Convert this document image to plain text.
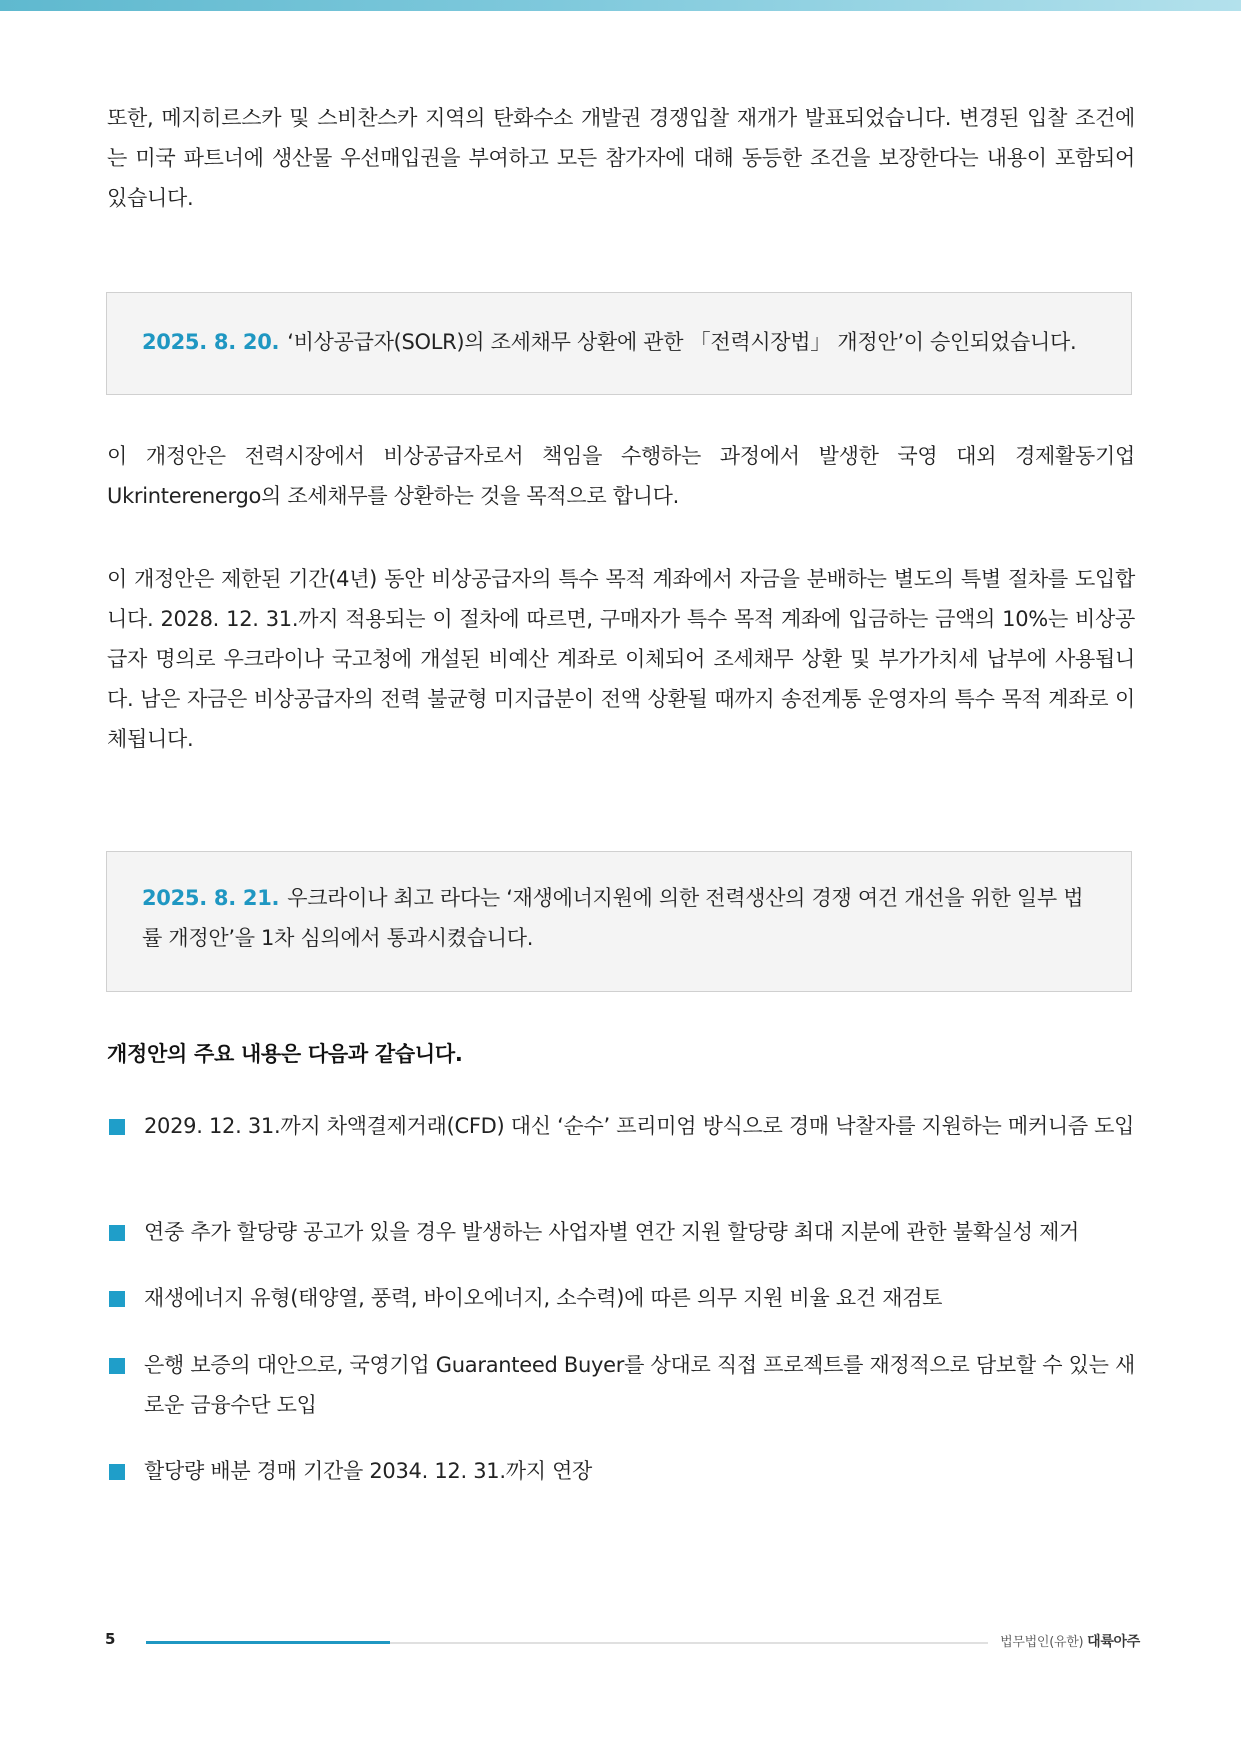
또한, 메지히르스카 및 스비찬스카 지역의 탄화수소 개발권 경쟁입찰 재개가 발표되었습니다. 변경된 입찰 조건에는 미국 파트너에 생산물 우선매입권을 부여하고 모든 참가자에 대해 동등한 조건을 보장한다는 내용이 포함되어 있습니다.

2025. 8. 20. ‘비상공급자(SOLR)의 조세채무 상환에 관한 「전력시장법」 개정안’이 승인되었습니다.

이 개정안은 전력시장에서 비상공급자로서 책임을 수행하는 과정에서 발생한 국영 대외 경제활동기업 Ukrinterenergo의 조세채무를 상환하는 것을 목적으로 합니다.

이 개정안은 제한된 기간(4년) 동안 비상공급자의 특수 목적 계좌에서 자금을 분배하는 별도의 특별 절차를 도입합니다. 2028. 12. 31.까지 적용되는 이 절차에 따르면, 구매자가 특수 목적 계좌에 입금하는 금액의 10%는 비상공급자 명의로 우크라이나 국고청에 개설된 비예산 계좌로 이체되어 조세채무 상환 및 부가가치세 납부에 사용됩니다. 남은 자금은 비상공급자의 전력 불균형 미지급분이 전액 상환될 때까지 송전계통 운영자의 특수 목적 계좌로 이체됩니다.

2025. 8. 21. 우크라이나 최고 라다는 ‘재생에너지원에 의한 전력생산의 경쟁 여건 개선을 위한 일부 법률 개정안’을 1차 심의에서 통과시켰습니다.

개정안의 주요 내용은 다음과 같습니다.

2029. 12. 31.까지 차액결제거래(CFD) 대신 ‘순수’ 프리미엄 방식으로 경매 낙찰자를 지원하는 메커니즘 도입

연중 추가 할당량 공고가 있을 경우 발생하는 사업자별 연간 지원 할당량 최대 지분에 관한 불확실성 제거

재생에너지 유형(태양열, 풍력, 바이오에너지, 소수력)에 따른 의무 지원 비율 요건 재검토

은행 보증의 대안으로, 국영기업 Guaranteed Buyer를 상대로 직접 프로젝트를 재정적으로 담보할 수 있는 새로운 금융수단 도입

할당량 배분 경매 기간을 2034. 12. 31.까지 연장

5	법무법인(유한) 대륙아주
